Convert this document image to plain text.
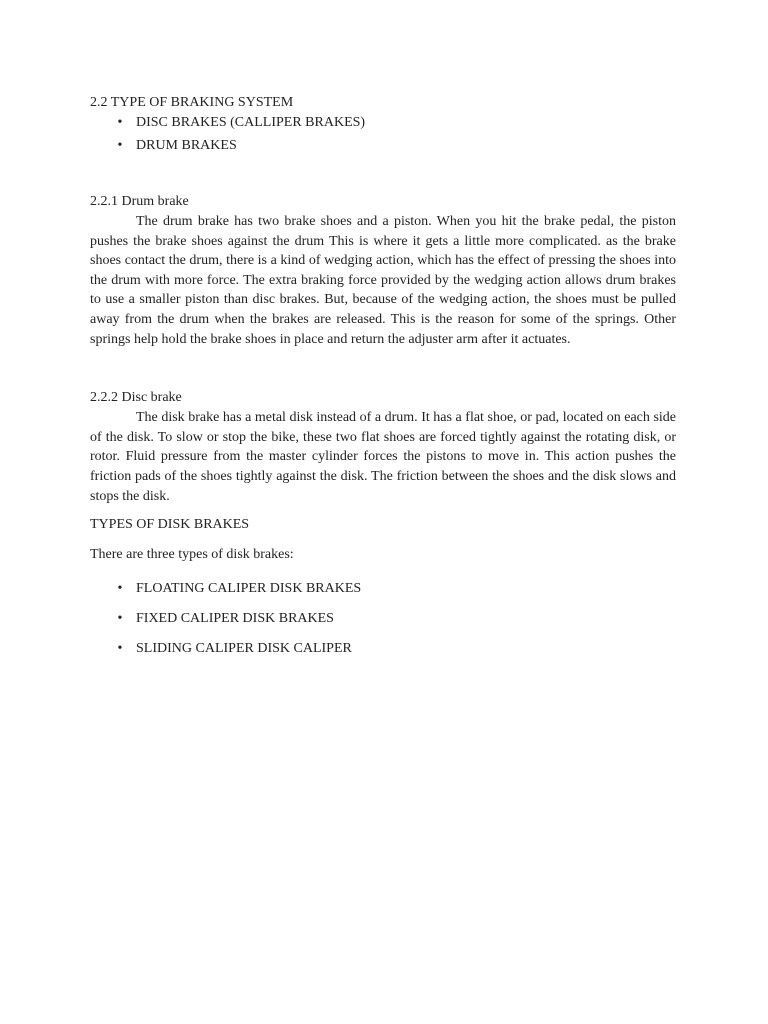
2.2 TYPE OF BRAKING SYSTEM
• DISC BRAKES (CALLIPER BRAKES)
• DRUM BRAKES
2.2.1 Drum brake

The drum brake has two brake shoes and a piston. When you hit the brake pedal, the piston pushes the brake shoes against the drum This is where it gets a little more complicated. as the brake shoes contact the drum, there is a kind of wedging action, which has the effect of pressing the shoes into the drum with more force. The extra braking force provided by the wedging action allows drum brakes to use a smaller piston than disc brakes. But, because of the wedging action, the shoes must be pulled away from the drum when the brakes are released. This is the reason for some of the springs. Other springs help hold the brake shoes in place and return the adjuster arm after it actuates.

2.2.2 Disc brake

The disk brake has a metal disk instead of a drum. It has a flat shoe, or pad, located on each side of the disk. To slow or stop the bike, these two flat shoes are forced tightly against the rotating disk, or rotor. Fluid pressure from the master cylinder forces the pistons to move in. This action pushes the friction pads of the shoes tightly against the disk. The friction between the shoes and the disk slows and stops the disk.

TYPES OF DISK BRAKES

There are three types of disk brakes:

• FLOATING CALIPER DISK BRAKES
• FIXED CALIPER DISK BRAKES
• SLIDING CALIPER DISK CALIPER
